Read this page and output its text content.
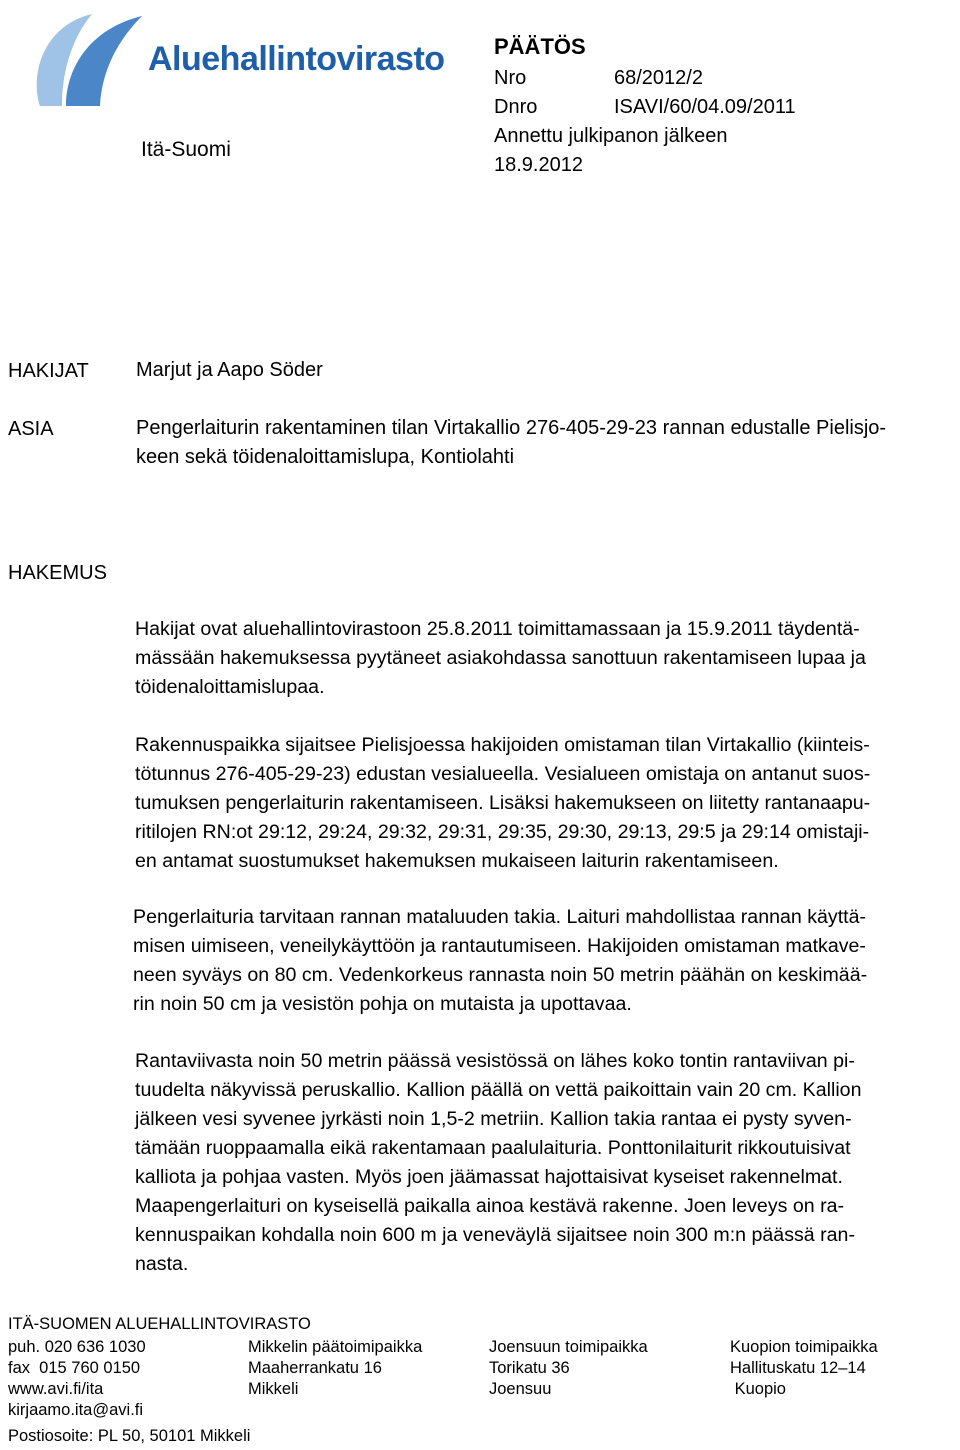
Aluehallintovirasto
Itä-Suomi
PÄÄTÖS
Nro	68/2012/2
Dnro	ISAVI/60/04.09/2011
Annettu julkipanon jälkeen
18.9.2012
HAKIJAT Marjut ja Aapo Söder
ASIA	Pengerlaiturin rakentaminen tilan Virtakallio 276-405-29-23 rannan edustalle Pielisjo-
keen sekä töidenaloittamislupa, Kontiolahti
HAKEMUS
Hakijat ovat aluehallintovirastoon 25.8.2011 toimittamassaan ja 15.9.2011 täydentä-
mässään hakemuksessa pyytäneet asiakohdassa sanottuun rakentamiseen lupaa ja
töidenaloittamislupaa.
Rakennuspaikka sijaitsee Pielisjoessa hakijoiden omistaman tilan Virtakallio (kiinteis-
tötunnus 276-405-29-23) edustan vesialueella. Vesialueen omistaja on antanut suos-
tumuksen pengerlaiturin rakentamiseen. Lisäksi hakemukseen on liitetty rantanaapu-
ritilojen RN:ot 29:12, 29:24, 29:32, 29:31, 29:35, 29:30, 29:13, 29:5 ja 29:14 omistaji-
en antamat suostumukset hakemuksen mukaiseen laiturin rakentamiseen.
Pengerlaituria tarvitaan rannan mataluuden takia. Laituri mahdollistaa rannan käyttä-
misen uimiseen, veneilykäyttöön ja rantautumiseen. Hakijoiden omistaman matkave-
neen syväys on 80 cm. Vedenkorkeus rannasta noin 50 metrin päähän on keskimää-
rin noin 50 cm ja vesistön pohja on mutaista ja upottavaa.
Rantaviivasta noin 50 metrin päässä vesistössä on lähes koko tontin rantaviivan pi-
tuudelta näkyvissä peruskallio. Kallion päällä on vettä paikoittain vain 20 cm. Kallion
jälkeen vesi syvenee jyrkästi noin 1,5-2 metriin. Kallion takia rantaa ei pysty syven-
tämään ruoppaamalla eikä rakentamaan paalulaituria. Ponttonilaiturit rikkoutuisivat
kalliota ja pohjaa vasten. Myös joen jäämassat hajottaisivat kyseiset rakennelmat.
Maapengerlaituri on kyseisellä paikalla ainoa kestävä rakenne. Joen leveys on ra-
kennuspaikan kohdalla noin 600 m ja veneväylä sijaitsee noin 300 m:n päässä ran-
nasta.
ITÄ-SUOMEN ALUEHALLINTOVIRASTO
puh. 020 636 1030
fax  015 760 0150
www.avi.fi/ita
kirjaamo.ita@avi.fi
Mikkelin päätoimipaikka
Maaherrankatu 16
Mikkeli
Joensuun toimipaikka
Torikatu 36
Joensuu
Kuopion toimipaikka
Hallituskatu 12–14
Kuopio
Postiosoite: PL 50, 50101 Mikkeli
